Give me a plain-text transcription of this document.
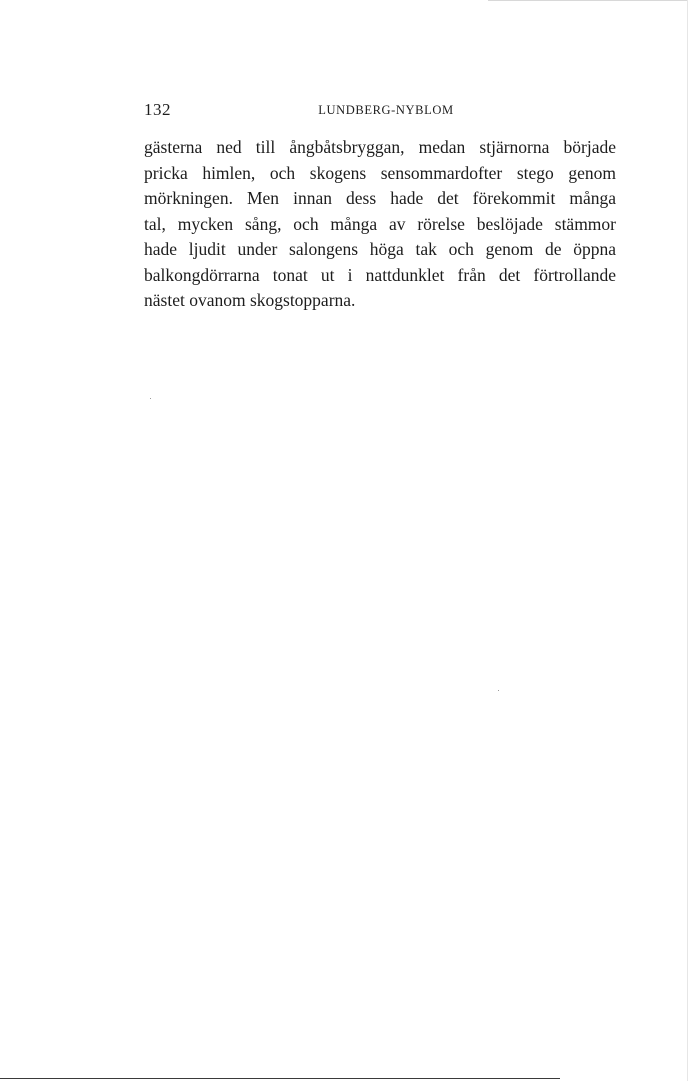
132	LUNDBERG-NYBLOM
gästerna ned till ångbåtsbryggan, medan stjärnorna började
pricka himlen, och skogens sensommardofter stego genom
mörkningen. Men innan dess hade det förekommit många
tal, mycken sång, och många av rörelse beslöjade stämmor
hade ljudit under salongens höga tak och genom de öppna
balkongdörrarna tonat ut i nattdunklet från det förtrollande
nästet ovanom skogstopparna.
